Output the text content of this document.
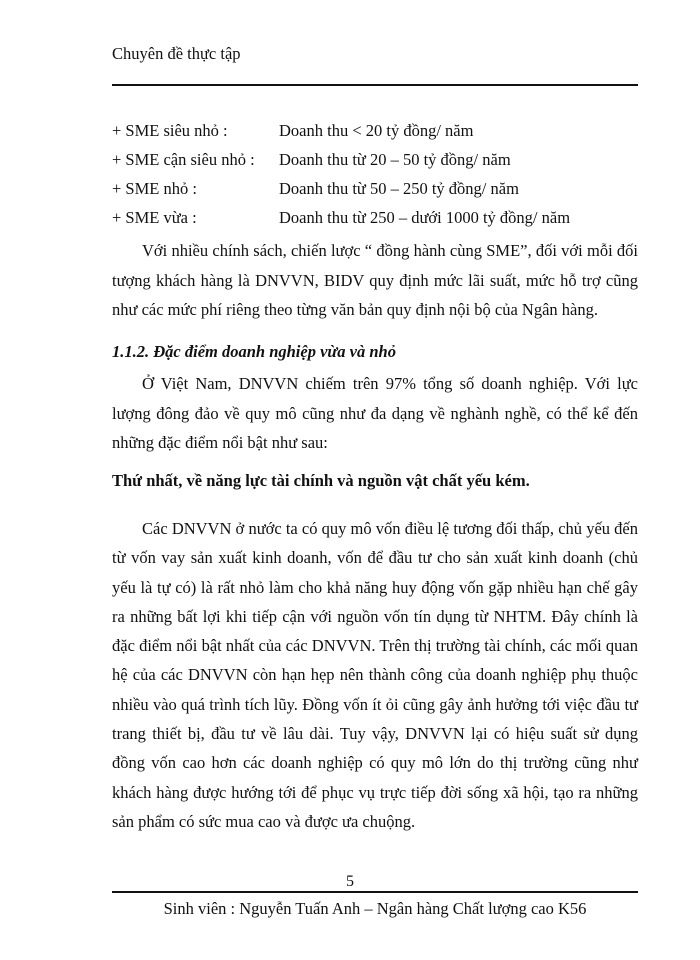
Chuyên đề thực tập
+ SME siêu nhỏ :	Doanh thu < 20 tỷ đồng/ năm
+ SME cận siêu nhỏ : Doanh thu từ 20 – 50 tỷ đồng/ năm
+ SME nhỏ :	Doanh thu từ 50 – 250 tỷ đồng/ năm
+ SME vừa :	Doanh thu từ 250 – dưới 1000 tỷ đồng/ năm

Với nhiều chính sách, chiến lược “ đồng hành cùng SME”, đối với mỗi đối tượng khách hàng là DNVVN, BIDV quy định mức lãi suất, mức hỗ trợ cũng như các mức phí riêng theo từng văn bản quy định nội bộ của Ngân hàng.

1.1.2. Đặc điểm doanh nghiệp vừa và nhỏ

Ở Việt Nam, DNVVN chiếm trên 97% tổng số doanh nghiệp. Với lực lượng đông đảo về quy mô cũng như đa dạng về nghành nghề, có thể kể đến những đặc điểm nổi bật như sau:

Thứ nhất, về năng lực tài chính và nguồn vật chất yếu kém.

Các DNVVN ở nước ta có quy mô vốn điều lệ tương đối thấp, chủ yếu đến từ vốn vay sản xuất kinh doanh, vốn để đầu tư cho sản xuất kinh doanh (chủ yếu là tự có) là rất nhỏ làm cho khả năng huy động vốn gặp nhiều hạn chế gây ra những bất lợi khi tiếp cận với nguồn vốn tín dụng từ NHTM. Đây chính là đặc điểm nổi bật nhất của các DNVVN. Trên thị trường tài chính, các mối quan hệ của các DNVVN còn hạn hẹp nên thành công của doanh nghiệp phụ thuộc nhiều vào quá trình tích lũy. Đồng vốn ít ỏi cũng gây ảnh hưởng tới việc đầu tư trang thiết bị, đầu tư về lâu dài. Tuy vậy, DNVVN lại có hiệu suất sử dụng đồng vốn cao hơn các doanh nghiệp có quy mô lớn do thị trường cũng như khách hàng được hướng tới để phục vụ trực tiếp đời sống xã hội, tạo ra những sản phẩm có sức mua cao và được ưa chuộng.

5
Sinh viên : Nguyễn Tuấn Anh – Ngân hàng Chất lượng cao K56
